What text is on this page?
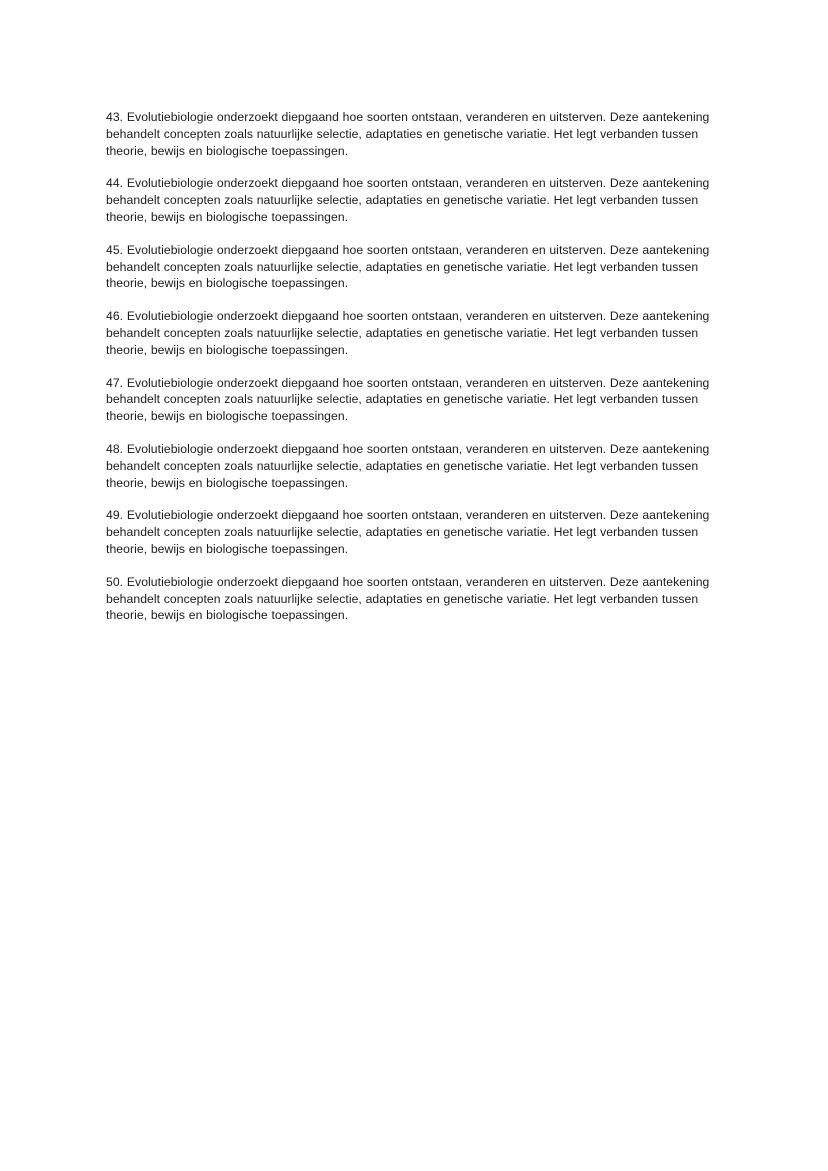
43. Evolutiebiologie onderzoekt diepgaand hoe soorten ontstaan, veranderen en uitsterven. Deze aantekening behandelt concepten zoals natuurlijke selectie, adaptaties en genetische variatie. Het legt verbanden tussen theorie, bewijs en biologische toepassingen.

44. Evolutiebiologie onderzoekt diepgaand hoe soorten ontstaan, veranderen en uitsterven. Deze aantekening behandelt concepten zoals natuurlijke selectie, adaptaties en genetische variatie. Het legt verbanden tussen theorie, bewijs en biologische toepassingen.

45. Evolutiebiologie onderzoekt diepgaand hoe soorten ontstaan, veranderen en uitsterven. Deze aantekening behandelt concepten zoals natuurlijke selectie, adaptaties en genetische variatie. Het legt verbanden tussen theorie, bewijs en biologische toepassingen.

46. Evolutiebiologie onderzoekt diepgaand hoe soorten ontstaan, veranderen en uitsterven. Deze aantekening behandelt concepten zoals natuurlijke selectie, adaptaties en genetische variatie. Het legt verbanden tussen theorie, bewijs en biologische toepassingen.

47. Evolutiebiologie onderzoekt diepgaand hoe soorten ontstaan, veranderen en uitsterven. Deze aantekening behandelt concepten zoals natuurlijke selectie, adaptaties en genetische variatie. Het legt verbanden tussen theorie, bewijs en biologische toepassingen.

48. Evolutiebiologie onderzoekt diepgaand hoe soorten ontstaan, veranderen en uitsterven. Deze aantekening behandelt concepten zoals natuurlijke selectie, adaptaties en genetische variatie. Het legt verbanden tussen theorie, bewijs en biologische toepassingen.

49. Evolutiebiologie onderzoekt diepgaand hoe soorten ontstaan, veranderen en uitsterven. Deze aantekening behandelt concepten zoals natuurlijke selectie, adaptaties en genetische variatie. Het legt verbanden tussen theorie, bewijs en biologische toepassingen.

50. Evolutiebiologie onderzoekt diepgaand hoe soorten ontstaan, veranderen en uitsterven. Deze aantekening behandelt concepten zoals natuurlijke selectie, adaptaties en genetische variatie. Het legt verbanden tussen theorie, bewijs en biologische toepassingen.
